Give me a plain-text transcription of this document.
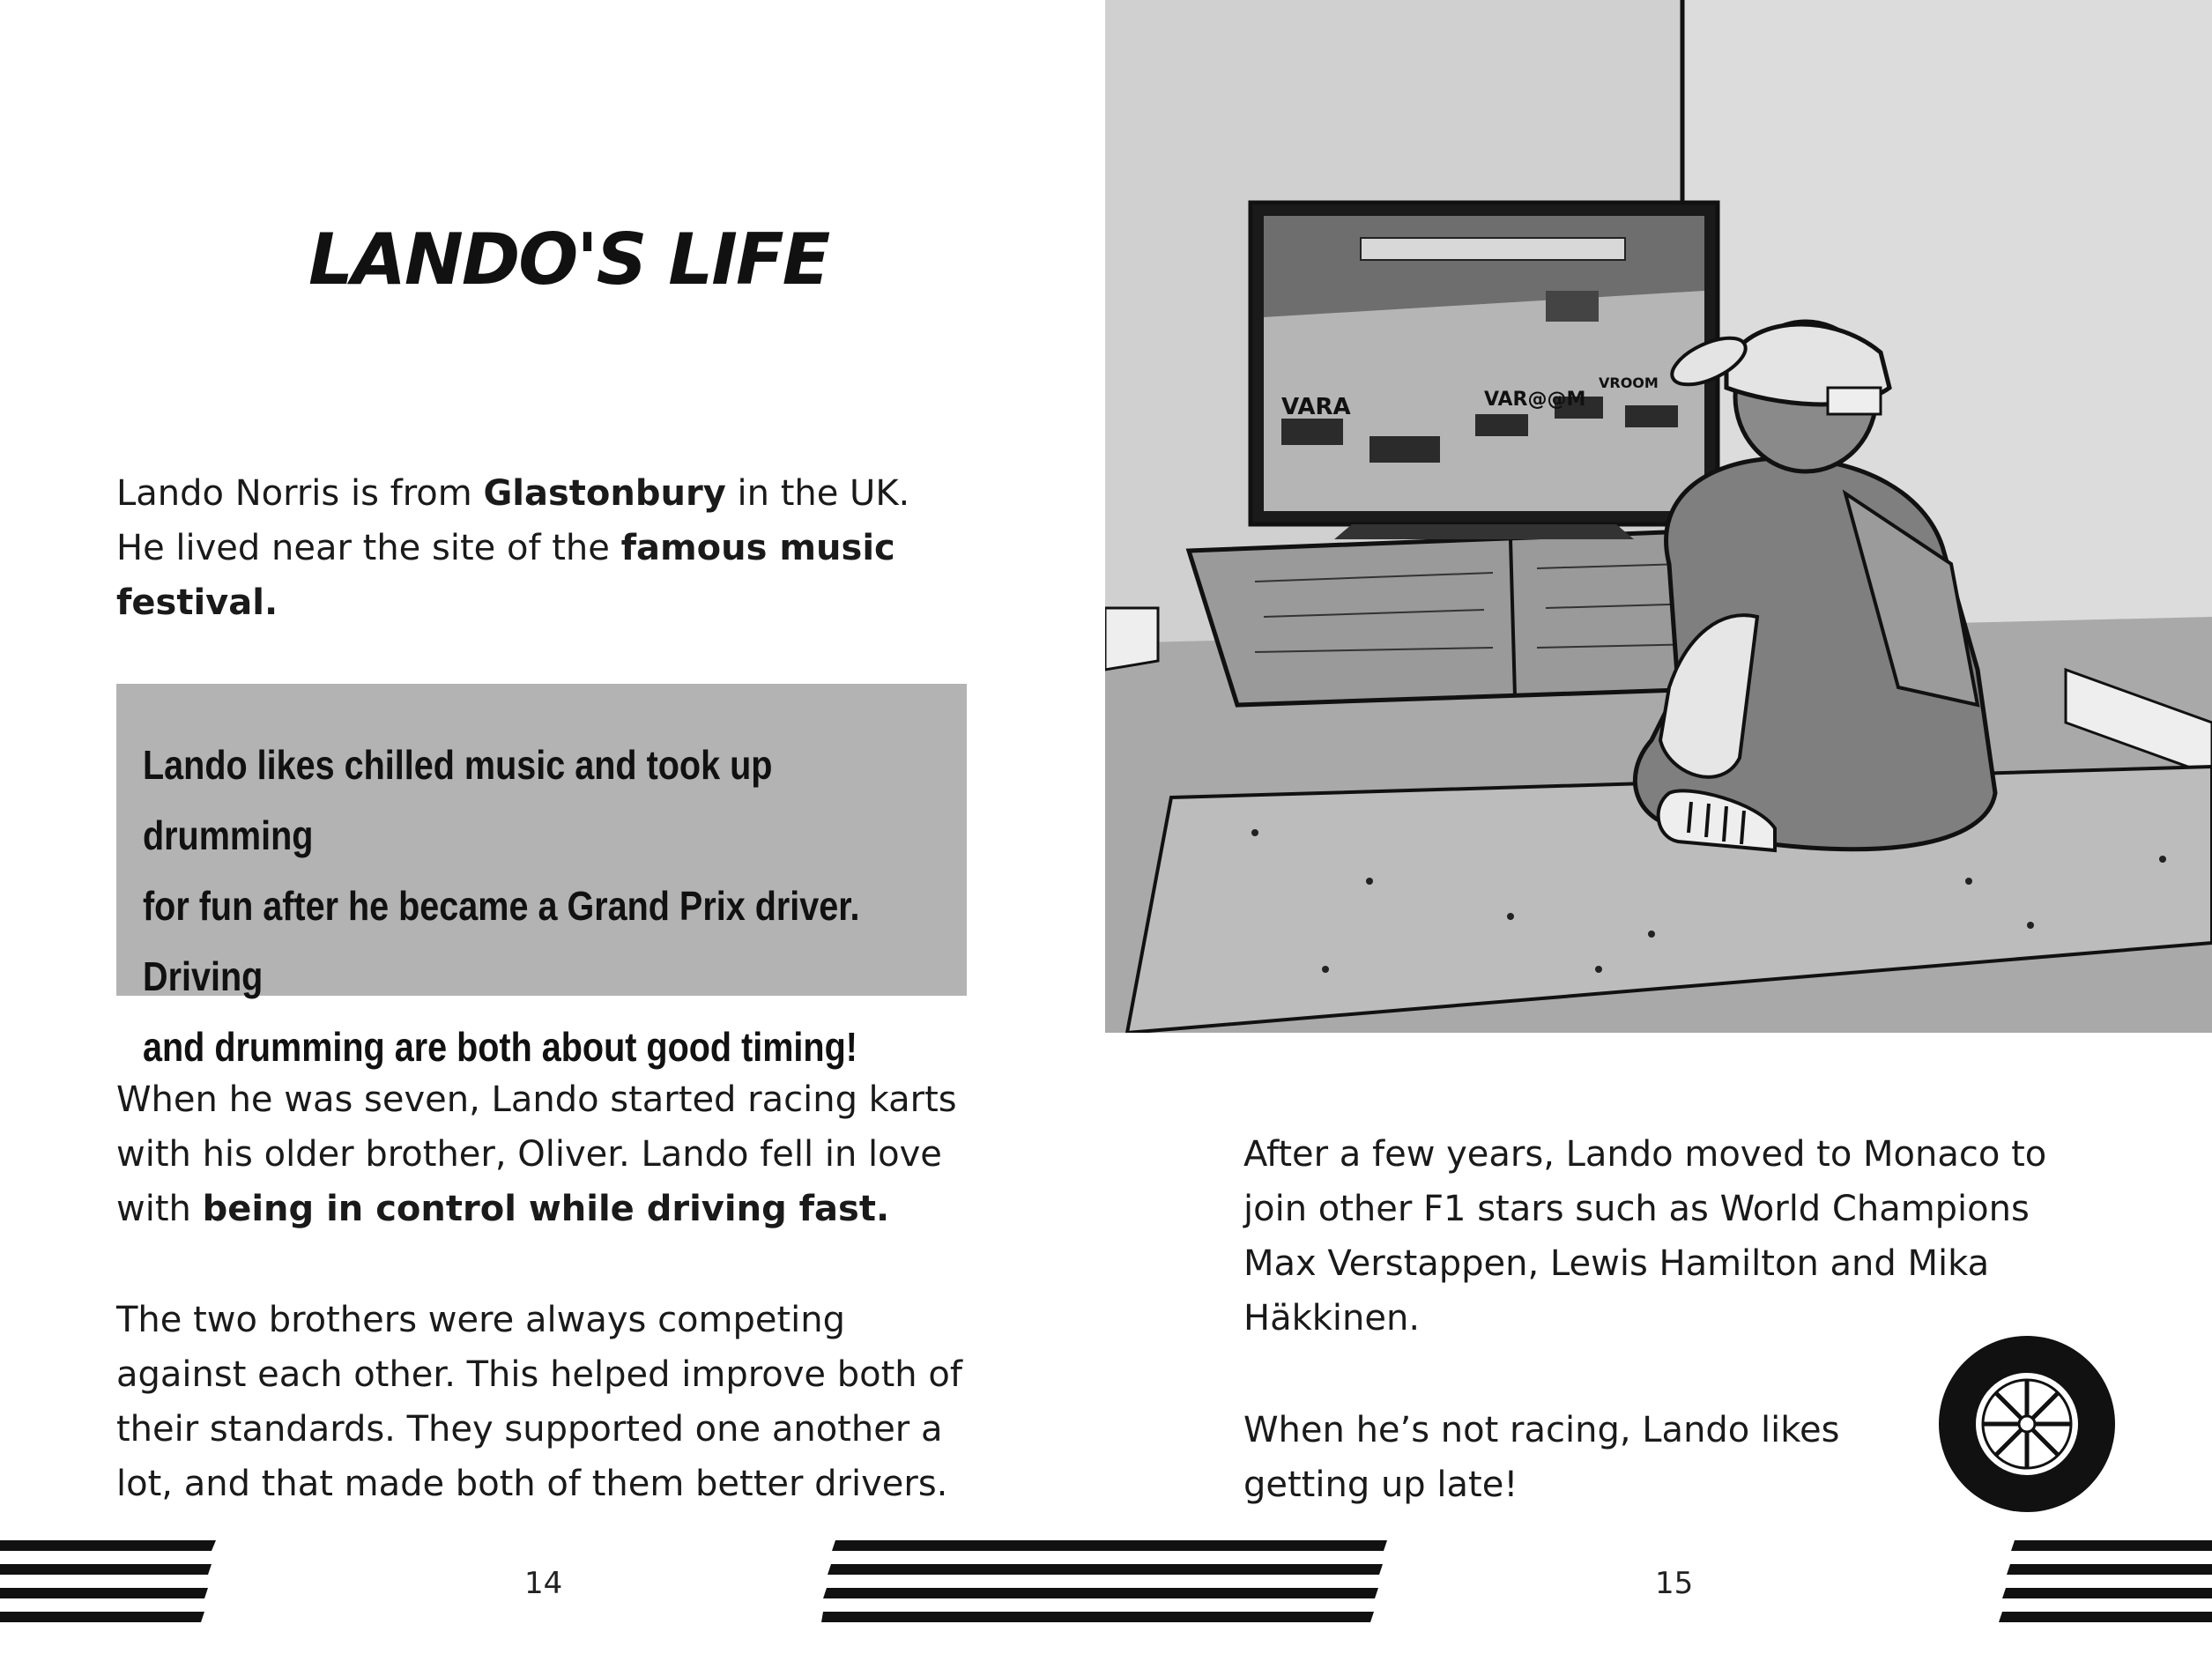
LANDO'S LIFE

Lando Norris is from Glastonbury in the UK.
He lived near the site of the famous music
festival.

Lando likes chilled music and took up drumming
for fun after he became a Grand Prix driver. Driving
and drumming are both about good timing!

When he was seven, Lando started racing karts
with his older brother, Oliver. Lando fell in love
with being in control while driving fast.

The two brothers were always competing
against each other. This helped improve both of
their standards. They supported one another a
lot, and that made both of them better drivers.

14
VARA	VAR@@M
VROOM

After a few years, Lando moved to Monaco to
join other F1 stars such as World Champions
Max Verstappen, Lewis Hamilton and Mika
Häkkinen.

When he’s not racing, Lando likes
getting up late!

15
